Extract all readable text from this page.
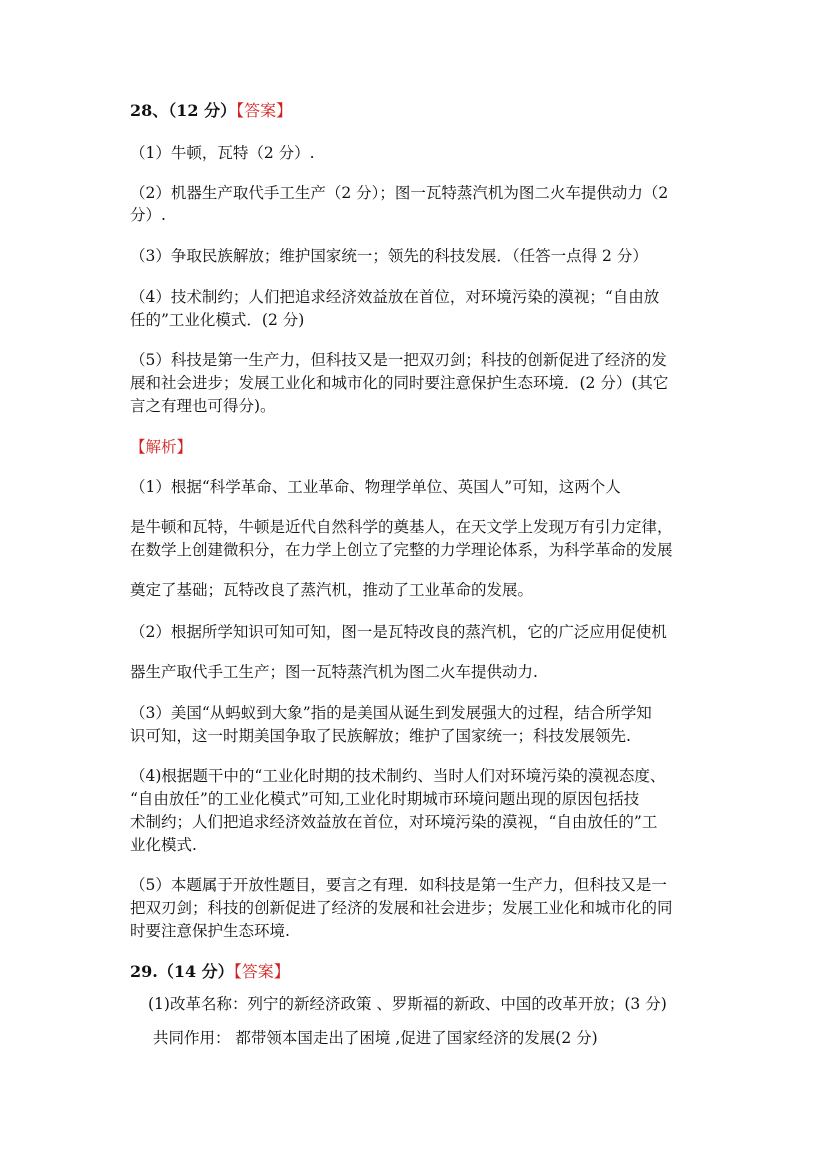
28、（12 分）【答案】
（1）牛顿，瓦特（2 分）.
（2）机器生产取代手工生产（2 分）；图一瓦特蒸汽机为图二火车提供动力（2
分）.
（3）争取民族解放；维护国家统一；领先的科技发展．（任答一点得 2 分）
（4）技术制约；人们把追求经济效益放在首位，对环境污染的漠视；“自由放
任的”工业化模式．(2 分)
（5）科技是第一生产力，但科技又是一把双刃剑；科技的创新促进了经济的发
展和社会进步；发展工业化和城市化的同时要注意保护生态环境．(2 分）(其它
言之有理也可得分)。
【解析】
（1）根据“科学革命、工业革命、物理学单位、英国人”可知，这两个人
是牛顿和瓦特，牛顿是近代自然科学的奠基人，在天文学上发现万有引力定律，
在数学上创建微积分，在力学上创立了完整的力学理论体系，为科学革命的发展
奠定了基础；瓦特改良了蒸汽机，推动了工业革命的发展。
（2）根据所学知识可知可知，图一是瓦特改良的蒸汽机，它的广泛应用促使机
器生产取代手工生产；图一瓦特蒸汽机为图二火车提供动力.
（3）美国“从蚂蚁到大象”指的是美国从诞生到发展强大的过程，结合所学知
识可知，这一时期美国争取了民族解放；维护了国家统一；科技发展领先.
（4)根据题干中的“工业化时期的技术制约、当时人们对环境污染的漠视态度、
“自由放任”的工业化模式”可知,工业化时期城市环境问题出现的原因包括技
术制约；人们把追求经济效益放在首位，对环境污染的漠视，“自由放任的”工
业化模式.
（5）本题属于开放性题目，要言之有理．如科技是第一生产力，但科技又是一
把双刃剑；科技的创新促进了经济的发展和社会进步；发展工业化和城市化的同
时要注意保护生态环境.
29.（14 分）【答案】
(1)改革名称：列宁的新经济政策 、罗斯福的新政、中国的改革开放；(3 分)
共同作用： 都带领本国走出了困境 ,促进了国家经济的发展(2 分)
